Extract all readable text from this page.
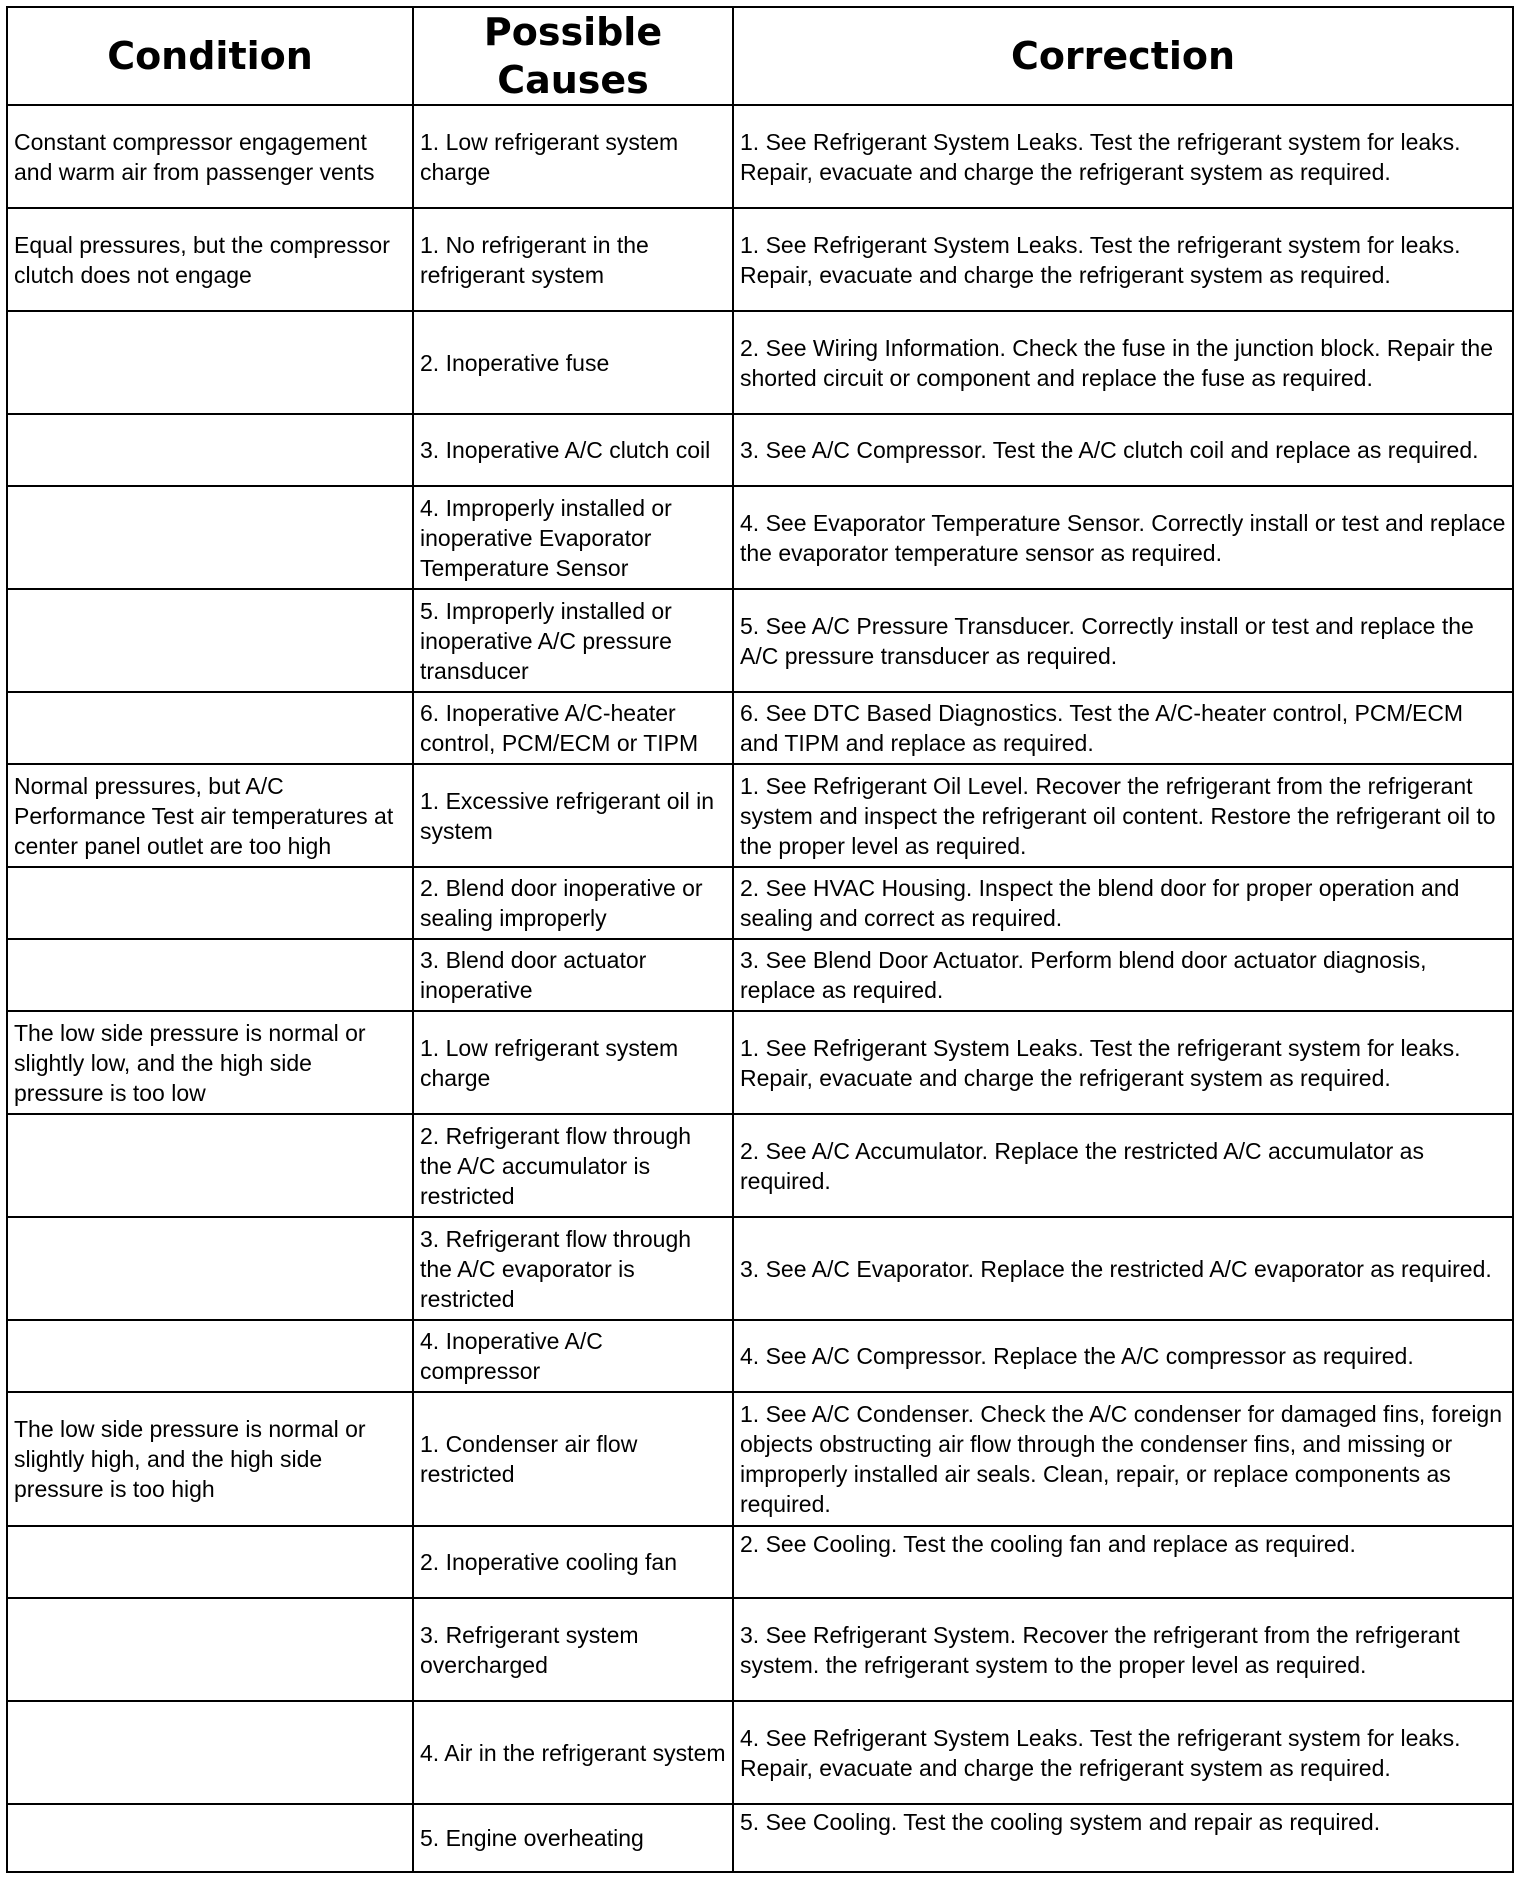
Condition	Possible Causes	Correction
Constant compressor engagement and warm air from passenger vents	1. Low refrigerant system charge	1. See Refrigerant System Leaks. Test the refrigerant system for leaks. Repair, evacuate and charge the refrigerant system as required.
Equal pressures, but the compressor clutch does not engage	1. No refrigerant in the refrigerant system	1. See Refrigerant System Leaks. Test the refrigerant system for leaks. Repair, evacuate and charge the refrigerant system as required.
	2. Inoperative fuse	2. See Wiring Information. Check the fuse in the junction block. Repair the shorted circuit or component and replace the fuse as required.
	3. Inoperative A/C clutch coil	3. See A/C Compressor. Test the A/C clutch coil and replace as required.
	4. Improperly installed or inoperative Evaporator Temperature Sensor	4. See Evaporator Temperature Sensor. Correctly install or test and replace the evaporator temperature sensor as required.
	5. Improperly installed or inoperative A/C pressure transducer	5. See A/C Pressure Transducer. Correctly install or test and replace the A/C pressure transducer as required.
	6. Inoperative A/C-heater control, PCM/ECM or TIPM	6. See DTC Based Diagnostics. Test the A/C-heater control, PCM/ECM and TIPM and replace as required.
Normal pressures, but A/C Performance Test air temperatures at center panel outlet are too high	1. Excessive refrigerant oil in system	1. See Refrigerant Oil Level. Recover the refrigerant from the refrigerant system and inspect the refrigerant oil content. Restore the refrigerant oil to the proper level as required.
	2. Blend door inoperative or sealing improperly	2. See HVAC Housing. Inspect the blend door for proper operation and sealing and correct as required.
	3. Blend door actuator inoperative	3. See Blend Door Actuator. Perform blend door actuator diagnosis, replace as required.
The low side pressure is normal or slightly low, and the high side pressure is too low	1. Low refrigerant system charge	1. See Refrigerant System Leaks. Test the refrigerant system for leaks. Repair, evacuate and charge the refrigerant system as required.
	2. Refrigerant flow through the A/C accumulator is restricted	2. See A/C Accumulator. Replace the restricted A/C accumulator as required.
	3. Refrigerant flow through the A/C evaporator is restricted	3. See A/C Evaporator. Replace the restricted A/C evaporator as required.
	4. Inoperative A/C compressor	4. See A/C Compressor. Replace the A/C compressor as required.
The low side pressure is normal or slightly high, and the high side pressure is too high	1. Condenser air flow restricted	1. See A/C Condenser. Check the A/C condenser for damaged fins, foreign objects obstructing air flow through the condenser fins, and missing or improperly installed air seals. Clean, repair, or replace components as required.
	2. Inoperative cooling fan	2. See Cooling. Test the cooling fan and replace as required.
	3. Refrigerant system overcharged	3. See Refrigerant System. Recover the refrigerant from the refrigerant system. the refrigerant system to the proper level as required.
	4. Air in the refrigerant system	4. See Refrigerant System Leaks. Test the refrigerant system for leaks. Repair, evacuate and charge the refrigerant system as required.
	5. Engine overheating	5. See Cooling. Test the cooling system and repair as required.
